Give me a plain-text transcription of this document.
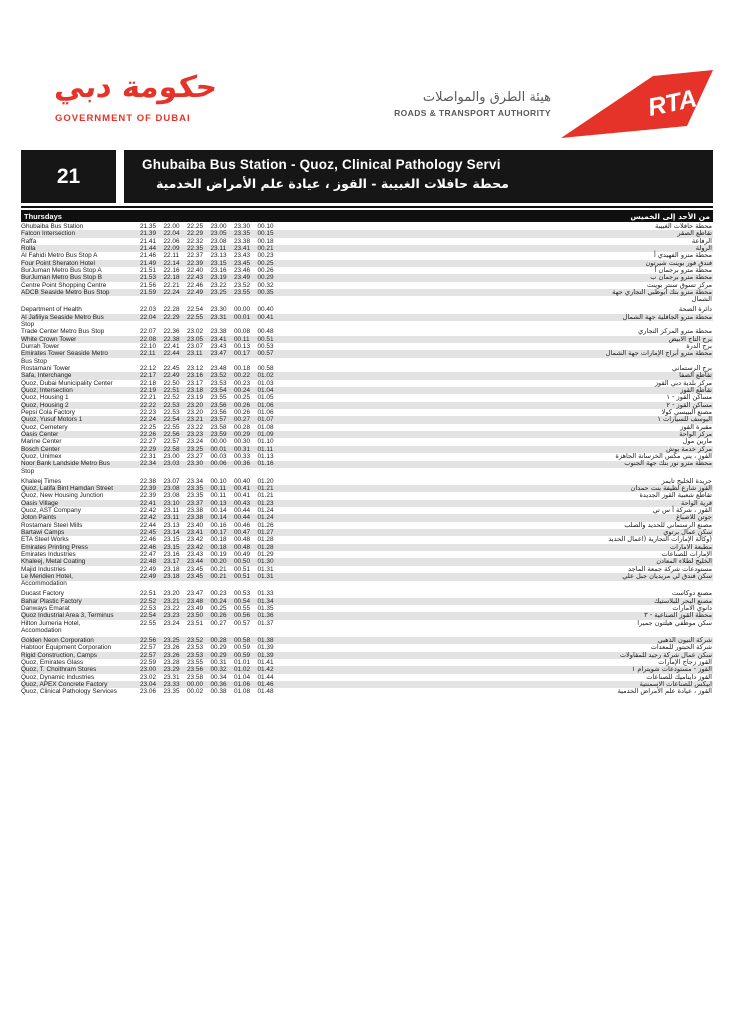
حكومة دبي
GOVERNMENT OF DUBAI
هيئة الطرق والمواصلات
ROADS & TRANSPORT AUTHORITY	RTA
21	Ghubaiba Bus Station - Quoz, Clinical Pathology Servi
محطة حافلات الغبيبة - القوز ، عيادة علم الأمراض الخدمية
Thursdays	من الأحد إلى الخميس
Ghubaiba Bus Station	21.35	22.00	22.25	23.00	23.30	00.10	محطة حافلات الغبيبة
Falcon Intersection	21.39	22.04	22.29	23.05	23.35	00.15	تقاطع الصقر
Raffa	21.41	22.06	22.32	23.08	23.38	00.18	الرفاعة
Rolla	21.44	22.09	22.35	23.11	23.41	00.21	الرولة
Al Fahidi Metro Bus Stop A	21.46	22.11	22.37	23.13	23.43	00.23	محطة مترو الفهيدي أ
Four Point Sheraton Hotel	21.49	22.14	22.39	23.15	23.45	00.25	فندق فور بوينت شيرتون
BurJuman Metro Bus Stop A	21.51	22.16	22.40	23.16	23.46	00.26	محطة مترو برجمان أ
BurJuman Metro Bus Stop B	21.53	22.18	22.43	23.19	23.49	00.29	محطة مترو برجمان ب
Centre Point Shopping Centre	21.56	22.21	22.46	23.22	23.52	00.32	مركز تسوق سنتر بوينت
ADCB Seaside Metro Bus Stop	21.59	22.24	22.49	23.25	23.55	00.35	محطة مترو بنك أبوظبي التجاري جهة
الشمال
Department of Health	22.03	22.28	22.54	23.30	00.00	00.40	دائرة الصحة
Al Jafiliya Seaside Metro Bus	22.04	22.29	22.55	23.31	00.01	00.41	محطة مترو الجافلية جهة الشمال
Stop
Trade Center Metro Bus Stop	22.07	22.36	23.02	23.38	00.08	00.48	محطة مترو المركز التجاري
White Crown Tower	22.08	22.38	23.05	23.41	00.11	00.51	برج التاج الابيض
Durrah Tower	22.10	22.41	23.07	23.43	00.13	00.53	برج الدرة
Emirates Tower Seaside Metro	22.11	22.44	23.11	23.47	00.17	00.57	محطة مترو أبراج الإمارات جهة الشمال
Bus Stop
Rostamani Tower	22.12	22.45	23.12	23.48	00.18	00.58	برج الرستماني
Safa, Interchange	22.17	22.49	23.16	23.52	00.22	01.02	تقاطع الصفا
Quoz, Dubai Municipality Center	22.18	22.50	23.17	23.53	00.23	01.03	مركز بلدية دبي القوز
Quoz, Intersection	22.19	22.51	23.18	23.54	00.24	01.04	تقاطع القوز
Quoz, Housing 1	22.21	22.52	23.19	23.55	00.25	01.05	مساكن القوز - ١
Quoz, Housing 2	22.22	22.53	23.20	23.56	00.26	01.06	مساكن القوز - ٢
Pepsi Cola Factory	22.23	22.53	23.20	23.56	00.26	01.06	مصنع البيبسي كولا
Quoz, Yusuf Motors 1	22.24	22.54	23.21	23.57	00.27	01.07	اليوسف للسيارات ١
Quoz, Cemetery	22.25	22.55	23.22	23.58	00.28	01.08	مقبرة القوز
Oasis Center	22.26	22.56	23.23	23.59	00.29	01.09	مركز الواحة
Marine Center	22.27	22.57	23.24	00.00	00.30	01.10	مارين مول
Bosch Center	22.29	22.58	23.25	00.01	00.31	01.11	مركز خدمة بوش
Quoz, Unimex	22.31	23.00	23.27	00.03	00.33	01.13	القوز ، يني مكس الخرسانة الجاهزة
Noor Bank Landside Metro Bus	22.34	23.03	23.30	00.06	00.36	01.16	محطة مترو نور بنك جهة الجنوب
Stop
Khaleej Times	22.38	23.07	23.34	00.10	00.40	01.20	جريدة الخليج تايمز
Quoz, Latifa Bint Hamdan Street	22.39	23.08	23.35	00.11	00.41	01.21	القوز شارع لطيفة بنت حمدان
Quoz, New Housing Junction	22.39	23.08	23.35	00.11	00.41	01.21	تقاطع شعبية القوز الجديدة
Oasis Village	22.41	23.10	23.37	00.13	00.43	01.23	قرية الواحة
Quoz, AST Company	22.42	23.11	23.38	00.14	00.44	01.24	القوز ، شركة أ س تي
Joton Paints	22.42	23.11	23.38	00.14	00.44	01.24	جوتن للاصباغ
Rostamani Steel Mills	22.44	23.13	23.40	00.16	00.46	01.26	مصنع الرستماني للحديد والصلب
Bartawi Camps	22.45	23.14	23.41	00.17	00.47	01.27	سكن عمال برتوي
ETA Steel Works	22.46	23.15	23.42	00.18	00.48	01.28	(وكالة الإمارات التجارية (اعمال الحديد
Emirates Printing Press	22.46	23.15	23.42	00.18	00.48	01.28	مطبعة الامارات
Emirates Industries	22.47	23.16	23.43	00.19	00.49	01.29	الإمارات للصناعات
Khaleej, Metal Coating	22.48	23.17	23.44	00.20	00.50	01.30	الخليج لطلاء المعادن
Majid Industries	22.49	23.18	23.45	00.21	00.51	01.31	مستودعات شركة جمعة الماجد
Le Meridien Hotel,	22.49	23.18	23.45	00.21	00.51	01.31	سكن فندق لي مريديان جبل علي
Accommodation
Ducast Factory	22.51	23.20	23.47	00.23	00.53	01.33	مصنع دوكاست
Bahar Plastic Factory	22.52	23.21	23.48	00.24	00.54	01.34	مصنع البحر للبلاستيك
Danways Emarat	22.53	23.22	23.49	00.25	00.55	01.35	دانوي الامارات
Quoz Industrial Area 3, Terminus	22.54	23.23	23.50	00.26	00.56	01.36	محطة القوز الصناعية - ٣
Hilton Jumeria Hotel,	22.55	23.24	23.51	00.27	00.57	01.37	سكن موظفي هيلتون جميرا
Accomodation
Golden Neon Corporation	22.56	23.25	23.52	00.28	00.58	01.38	شركة النيون الذهبي
Habtoor Equipment Corporation	22.57	23.26	23.53	00.29	00.59	01.39	شركة الحبتور للمعدات
Rigid Construction, Camps	22.57	23.26	23.53	00.29	00.59	01.39	سكن عمال شركة رجيد للمقاولات
Quoz, Emirates Glass	22.59	23.28	23.55	00.31	01.01	01.41	القوز زجاج الإمارات
Quoz, T. Choithram Stores	23.00	23.29	23.56	00.32	01.02	01.42	القوز - مستودعات شويترام ١
Quoz, Dynamic Industries	23.02	23.31	23.58	00.34	01.04	01.44	القوز دايناميك للصناعات
Quoz, APEX Concrete Factory	23.04	23.33	00.00	00.36	01.06	01.46	ابيكس للصناعات الاسمنتية
Quoz, Clinical Pathology Services	23.06	23.35	00.02	00.38	01.08	01.48	القوز ، عيادة علم الأمراض الخدمية
